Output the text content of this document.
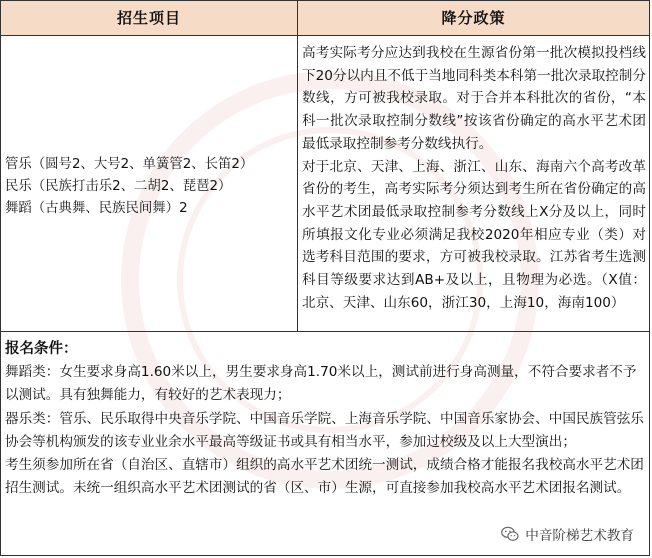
招生项目	降分政策
管乐（圆号2、大号2、单簧管2、长笛2）
民乐（民族打击乐2、二胡2、琵琶2）
舞蹈（古典舞、民族民间舞）2

高考实际考分应达到我校在生源省份第一批次模拟投档线下20分以内且不低于当地同科类本科第一批次录取控制分数线，方可被我校录取。对于合并本科批次的省份，“本科一批次录取控制分数线”按该省份确定的高水平艺术团最低录取控制参考分数线执行。

对于北京、天津、上海、浙江、山东、海南六个高考改革省份的考生，高考实际考分须达到考生所在省份确定的高水平艺术团最低录取控制参考分数线上X分及以上，同时所填报文化专业必须满足我校2020年相应专业（类）对选考科目范围的要求，方可被我校录取。江苏省考生选测科目等级要求达到AB+及以上，且物理为必选。（X值：北京、天津、山东60，浙江30，上海10，海南100）

报名条件：

舞蹈类：女生要求身高1.60米以上，男生要求身高1.70米以上，测试前进行身高测量，不符合要求者不予以测试。具有独舞能力，有较好的艺术表现力；

器乐类：管乐、民乐取得中央音乐学院、中国音乐学院、上海音乐学院、中国音乐家协会、中国民族管弦乐协会等机构颁发的该专业业余水平最高等级证书或具有相当水平，参加过校级及以上大型演出；

考生须参加所在省（自治区、直辖市）组织的高水平艺术团统一测试，成绩合格才能报名我校高水平艺术团招生测试。未统一组织高水平艺术团测试的省（区、市）生源，可直接参加我校高水平艺术团报名测试。

中音阶梯艺术教育
